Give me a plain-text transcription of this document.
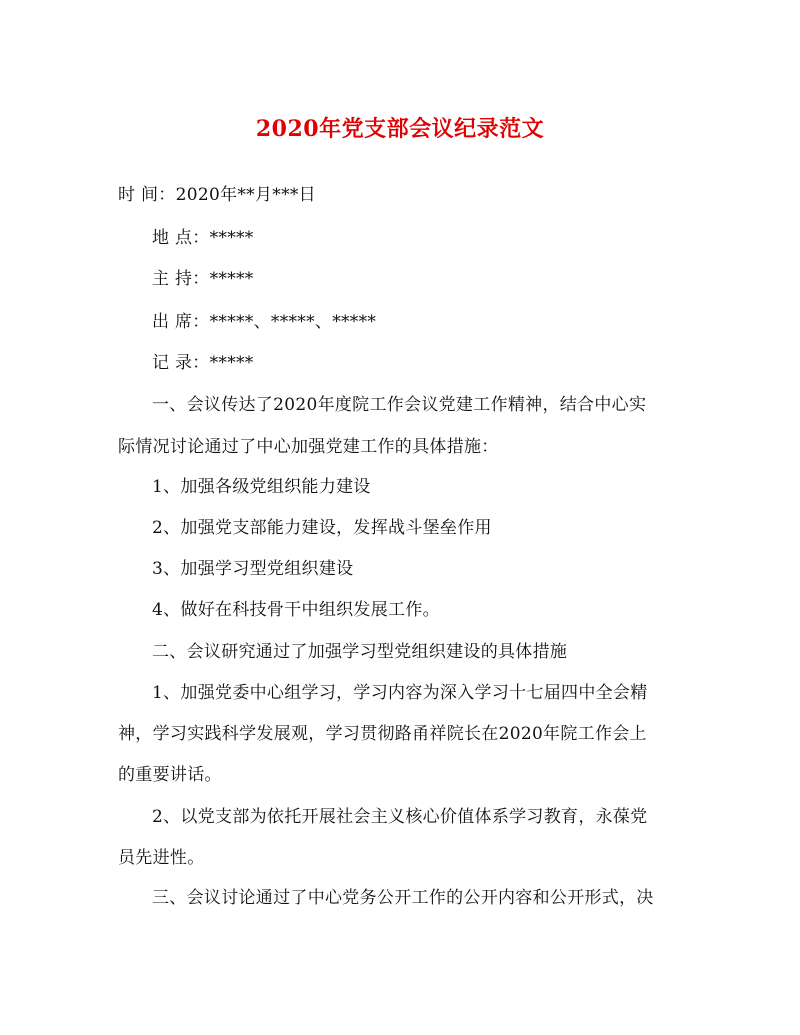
2020年党支部会议纪录范文
时 间：2020年**月***日
地 点：*****
主 持：*****
出 席：*****、*****、*****
记 录：*****
一、会议传达了2020年度院工作会议党建工作精神，结合中心实
际情况讨论通过了中心加强党建工作的具体措施：
1、加强各级党组织能力建设
2、加强党支部能力建设，发挥战斗堡垒作用
3、加强学习型党组织建设
4、做好在科技骨干中组织发展工作。
二、会议研究通过了加强学习型党组织建设的具体措施
1、加强党委中心组学习，学习内容为深入学习十七届四中全会精
神，学习实践科学发展观，学习贯彻路甬祥院长在2020年院工作会上
的重要讲话。
2、以党支部为依托开展社会主义核心价值体系学习教育，永葆党
员先进性。
三、会议讨论通过了中心党务公开工作的公开内容和公开形式，决
